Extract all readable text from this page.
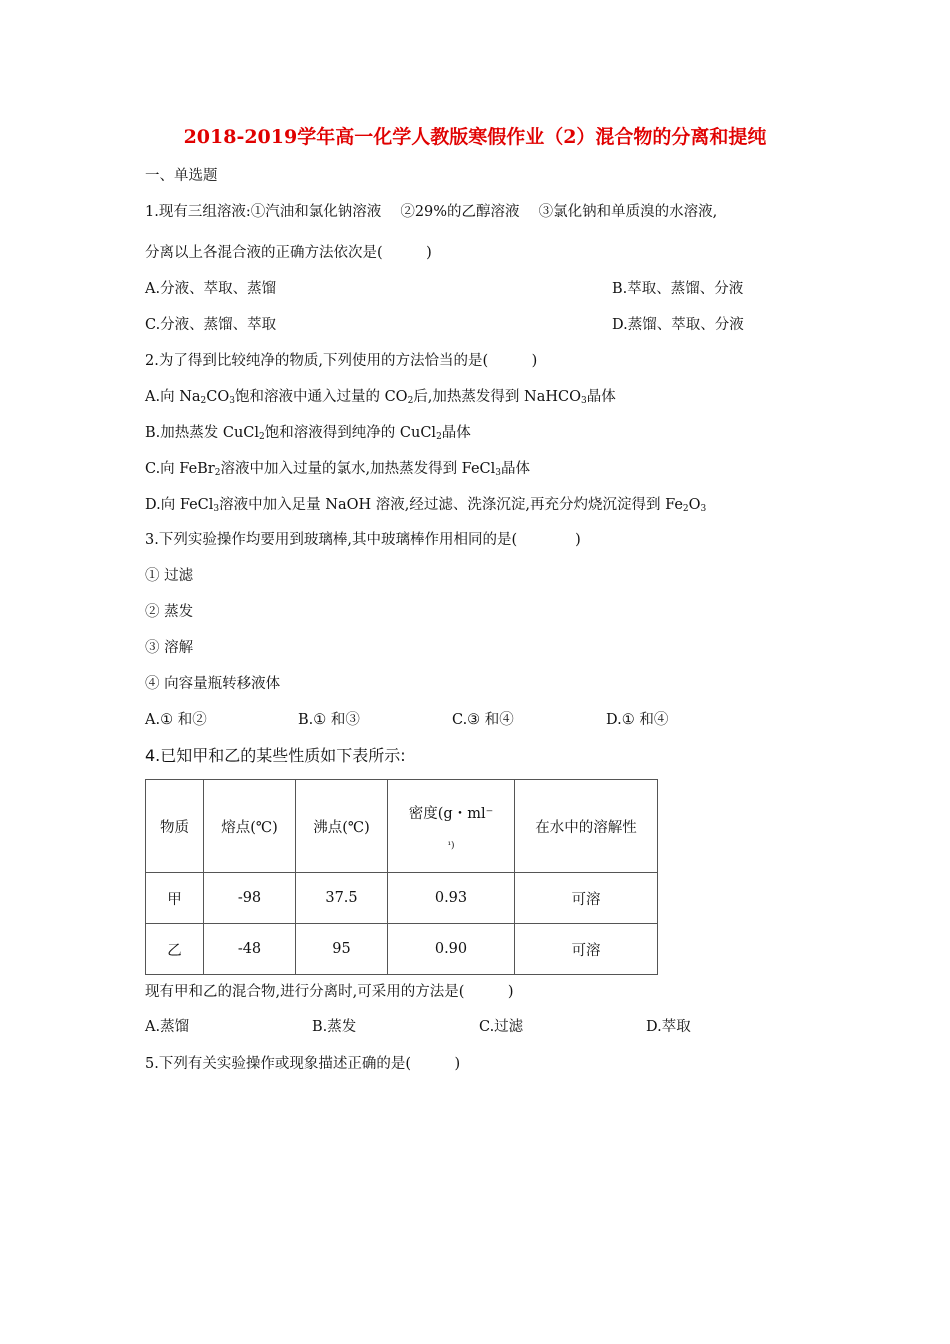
2018-2019学年高一化学人教版寒假作业（2）混合物的分离和提纯
一、单选题
1.现有三组溶液:①汽油和氯化钠溶液　 ②29%的乙醇溶液　 ③氯化钠和单质溴的水溶液,
分离以上各混合液的正确方法依次是(　　　)
A.分液、萃取、蒸馏	B.萃取、蒸馏、分液
C.分液、蒸馏、萃取	D.蒸馏、萃取、分液
2.为了得到比较纯净的物质,下列使用的方法恰当的是(　　　)
A.向 $Na_2CO_3$饱和溶液中通入过量的 $CO_2$后,加热蒸发得到 NaHCO$_3$晶体
B.加热蒸发 CuCl$_2$饱和溶液得到纯净的 CuCl$_2$晶体
C.向 FeBr$_2$溶液中加入过量的氯水,加热蒸发得到 FeCl$_3$晶体
D.向 FeCl$_3$溶液中加入足量 NaOH 溶液,经过滤、洗涤沉淀,再充分灼烧沉淀得到 $Fe_2O_3$
3.下列实验操作均要用到玻璃棒,其中玻璃棒作用相同的是(　　　　)
① 过滤
② 蒸发
③ 溶解
④ 向容量瓶转移液体
A.① 和②	B.① 和③	C.③ 和④	D.① 和④
4.已知甲和乙的某些性质如下表所示:
物质	熔点(℃)	沸点(℃)	密度(g・ml⁻
¹)	在水中的溶解性
甲	-98	37.5	0.93	可溶
乙	-48	95	0.90	可溶
现有甲和乙的混合物,进行分离时,可采用的方法是(　　　)
A.蒸馏	B.蒸发	C.过滤	D.萃取
5.下列有关实验操作或现象描述正确的是(　　　)
